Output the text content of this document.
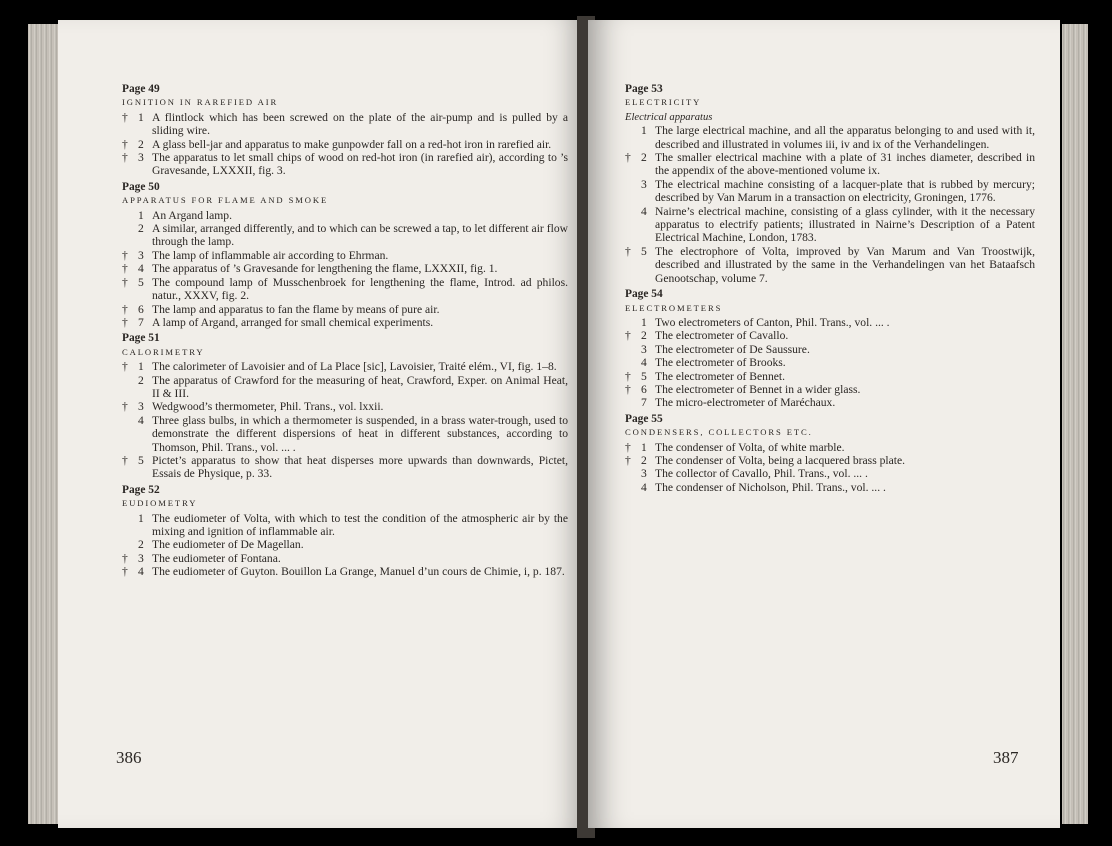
Page 49
IGNITION IN RAREFIED AIR
† 1 A flintlock which has been screwed on the plate of the air-pump and is pulled by a sliding wire.
† 2 A glass bell-jar and apparatus to make gunpowder fall on a red-hot iron in rarefied air.
† 3 The apparatus to let small chips of wood on red-hot iron (in rarefied air), according to ’s Gravesande, LXXXII, fig. 3.
Page 50
APPARATUS FOR FLAME AND SMOKE
1 An Argand lamp.
2 A similar, arranged differently, and to which can be screwed a tap, to let different air flow through the lamp.
† 3 The lamp of inflammable air according to Ehrman.
† 4 The apparatus of ’s Gravesande for lengthening the flame, LXXXII, fig. 1.
† 5 The compound lamp of Musschenbroek for lengthening the flame, Introd. ad philos. natur., XXXV, fig. 2.
† 6 The lamp and apparatus to fan the flame by means of pure air.
† 7 A lamp of Argand, arranged for small chemical experiments.
Page 51
CALORIMETRY
† 1 The calorimeter of Lavoisier and of La Place [sic], Lavoisier, Traité elém., VI, fig. 1–8.
2 The apparatus of Crawford for the measuring of heat, Crawford, Exper. on Animal Heat, II & III.
† 3 Wedgwood’s thermometer, Phil. Trans., vol. lxxii.
4 Three glass bulbs, in which a thermometer is suspended, in a brass water-trough, used to demonstrate the different dispersions of heat in different substances, according to Thomson, Phil. Trans., vol. ... .
† 5 Pictet’s apparatus to show that heat disperses more upwards than downwards, Pictet, Essais de Physique, p. 33.
Page 52
EUDIOMETRY
1 The eudiometer of Volta, with which to test the condition of the atmospheric air by the mixing and ignition of inflammable air.
2 The eudiometer of De Magellan.
† 3 The eudiometer of Fontana.
† 4 The eudiometer of Guyton. Bouillon La Grange, Manuel d’un cours de Chimie, i, p. 187.
386
Page 53
ELECTRICITY
Electrical apparatus
1 The large electrical machine, and all the apparatus belonging to and used with it, described and illustrated in volumes iii, iv and ix of the Verhandelingen.
† 2 The smaller electrical machine with a plate of 31 inches diameter, described in the appendix of the above-mentioned volume ix.
3 The electrical machine consisting of a lacquer-plate that is rubbed by mercury; described by Van Marum in a transaction on electricity, Groningen, 1776.
4 Nairne’s electrical machine, consisting of a glass cylinder, with it the necessary apparatus to electrify patients; illustrated in Nairne’s Description of a Patent Electrical Machine, London, 1783.
† 5 The electrophore of Volta, improved by Van Marum and Van Troostwijk, described and illustrated by the same in the Verhandelingen van het Bataafsch Genootschap, volume 7.
Page 54
ELECTROMETERS
1 Two electrometers of Canton, Phil. Trans., vol. ... .
† 2 The electrometer of Cavallo.
3 The electrometer of De Saussure.
4 The electrometer of Brooks.
† 5 The electrometer of Bennet.
† 6 The electrometer of Bennet in a wider glass.
7 The micro-electrometer of Maréchaux.
Page 55
CONDENSERS, COLLECTORS ETC.
† 1 The condenser of Volta, of white marble.
† 2 The condenser of Volta, being a lacquered brass plate.
3 The collector of Cavallo, Phil. Trans., vol. ... .
4 The condenser of Nicholson, Phil. Trans., vol. ... .
387
